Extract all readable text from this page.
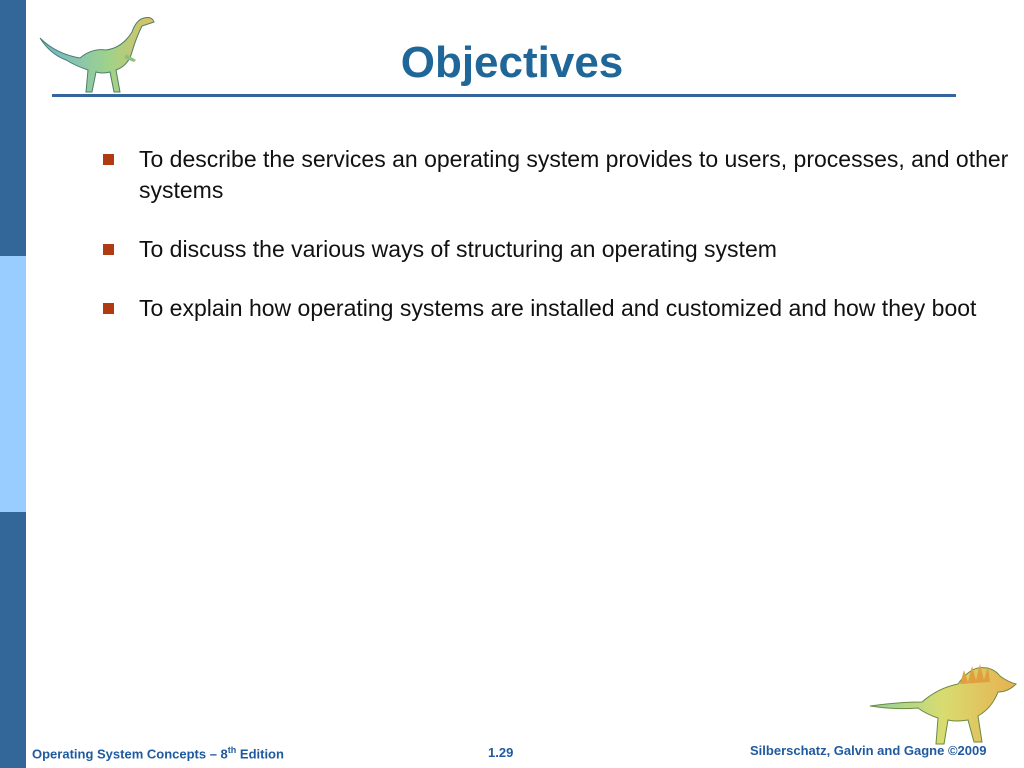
Objectives
To describe the services an operating system provides to users, processes, and other systems
To discuss the various ways of structuring an operating system
To explain how operating systems are installed and customized and how they boot
Operating System Concepts – 8th Edition	1.29	Silberschatz, Galvin and Gagne ©2009
